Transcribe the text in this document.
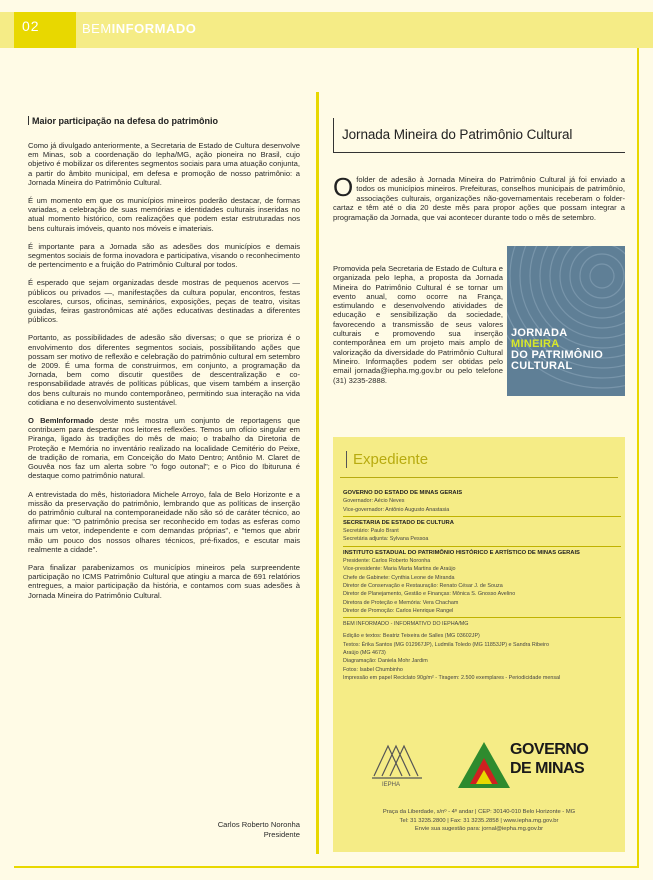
02	BEMINFORMADO
Maior participação na defesa do patrimônio

Como já divulgado anteriormente, a Secretaria de Estado de Cultura desenvolve em Minas, sob a coordenação do Iepha/MG, ação pioneira no Brasil, cujo objetivo é mobilizar os diferentes segmentos sociais para uma atuação conjunta, a partir do âmbito municipal, em defesa e promoção de nosso patrimônio: a Jornada Mineira do Patrimônio Cultural.

É um momento em que os municípios mineiros poderão destacar, de formas variadas, a celebração de suas memórias e identidades culturais inseridas no atual momento histórico, com realizações que podem estar estruturadas nos bens culturais imóveis, quanto nos móveis e imateriais.

É importante para a Jornada são as adesões dos municípios e demais segmentos sociais de forma inovadora e participativa, visando o reconhecimento de pertencimento e a fruição do Patrimônio Cultural por todos.

É esperado que sejam organizadas desde mostras de pequenos acervos — públicos ou privados —, manifestações da cultura popular, encontros, festas escolares, cursos, oficinas, seminários, exposições, peças de teatro, visitas guiadas, feiras gastronômicas até ações educativas destinadas a diferentes públicos.

Portanto, as possibilidades de adesão são diversas; o que se prioriza é o envolvimento dos diferentes segmentos sociais, possibilitando ações que possam ser motivo de reflexão e celebração do patrimônio cultural em setembro de 2009. É uma forma de construirmos, em conjunto, a programação da Jornada, bem como discutir questões de descentralização e co-responsabilidade através de políticas públicas, que visem também a inserção dos bens culturais no mundo contemporâneo, permitindo sua interação na vida cotidiana e no desenvolvimento sustentável.

O BemInformado deste mês mostra um conjunto de reportagens que contribuem para despertar nos leitores reflexões. Temos um ofício singular em Piranga, ligado às tradições do mês de maio; o trabalho da Diretoria de Proteção e Memória no inventário realizado na localidade Cemitério do Peixe, de tradição de romaria, em Conceição do Mato Dentro; Antônio M. Claret de Gouvêa nos faz um alerta sobre "o fogo outonal"; e o Pico do Ibituruna é destaque como patrimônio natural.

A entrevistada do mês, historiadora Michele Arroyo, fala de Belo Horizonte e a missão da preservação do patrimônio, lembrando que as políticas de inserção do patrimônio cultural na contemporaneidade não são só de caráter técnico, ao afirmar que: "O patrimônio precisa ser reconhecido em todas as esferas como mais um vetor, independente e com demandas próprias", e "temos que abrir mão um pouco dos nossos olhares técnicos, pré-fixados, e escutar mais realmente a cidade".

Para finalizar parabenizamos os municípios mineiros pela surpreendente participação no ICMS Patrimônio Cultural que atingiu a marca de 691 relatórios entregues, a maior participação da história, e contamos com suas adesões à Jornada Mineira do Patrimônio Cultural.

Carlos Roberto Noronha
Presidente
Jornada Mineira do Patrimônio Cultural
O folder de adesão à Jornada Mineira do Patrimônio Cultural já foi enviado a todos os municípios mineiros. Prefeituras, conselhos municipais de patrimônio, associações culturais, organizações não-governamentais receberam o folder-cartaz e têm até o dia 20 deste mês para propor ações que possam integrar a programação da Jornada, que vai acontecer durante todo o mês de setembro.
Promovida pela Secretaria de Estado de Cultura e organizada pelo Iepha, a proposta da Jornada Mineira do Patrimônio Cultural é se tornar um evento anual, como ocorre na França, estimulando e desenvolvendo atividades de educação e sensibilização da sociedade, favorecendo a transmissão de seus valores culturais e promovendo sua inserção contemporânea em um projeto mais amplo de valorização da diversidade do Patrimônio Cultural Mineiro. Informações podem ser obtidas pelo email jornada@iepha.mg.gov.br ou pelo telefone (31) 3235-2888.
JORNADA
MINEIRA
DO PATRIMÔNIO
CULTURAL
Expediente
GOVERNO DO ESTADO DE MINAS GERAIS
Governador: Aécio Neves
Vice-governador: Antônio Augusto Anastasia
SECRETARIA DE ESTADO DE CULTURA
Secretário: Paulo Brant
Secretária adjunta: Sylvana Pessoa
INSTITUTO ESTADUAL DO PATRIMÔNIO HISTÓRICO E ARTÍSTICO DE MINAS GERAIS
Presidente: Carlos Roberto Noronha
Vice-presidente: Maria Marta Martins de Araújo
Chefe de Gabinete: Cynthia Leone de Miranda
Diretor de Conservação e Restauração: Renato César J. de Souza
Diretor de Planejamento, Gestão e Finanças: Mônica S. Gnosso Avelino
Diretora de Proteção e Memória: Vera Chacham
Diretor de Promoção: Carlos Henrique Rangel
BEM INFORMADO - INFORMATIVO DO IEPHA/MG
Edição e textos: Beatriz Teixeira de Salles (MG 03602JP)
Textos: Érika Santos (MG 012967JP), Ludmila Toledo (MG 11853JP) e Sandra Ribeiro
Araújo (MG 4673)
Diagramação: Daniela Mohr Jardim
Fotos: Isabel Chumbinho
Impressão em papel Reciclato 90g/m² - Tiragem: 2.500 exemplares - Periodicidade mensal
IEPHA
GOVERNO
DE MINAS
Praça da Liberdade, s/nº - 4º andar | CEP: 30140-010 Belo Horizonte - MG
Tel: 31 3235.2800 | Fax: 31 3235.2858 | www.iepha.mg.gov.br
Envie sua sugestão para: jornal@iepha.mg.gov.br
